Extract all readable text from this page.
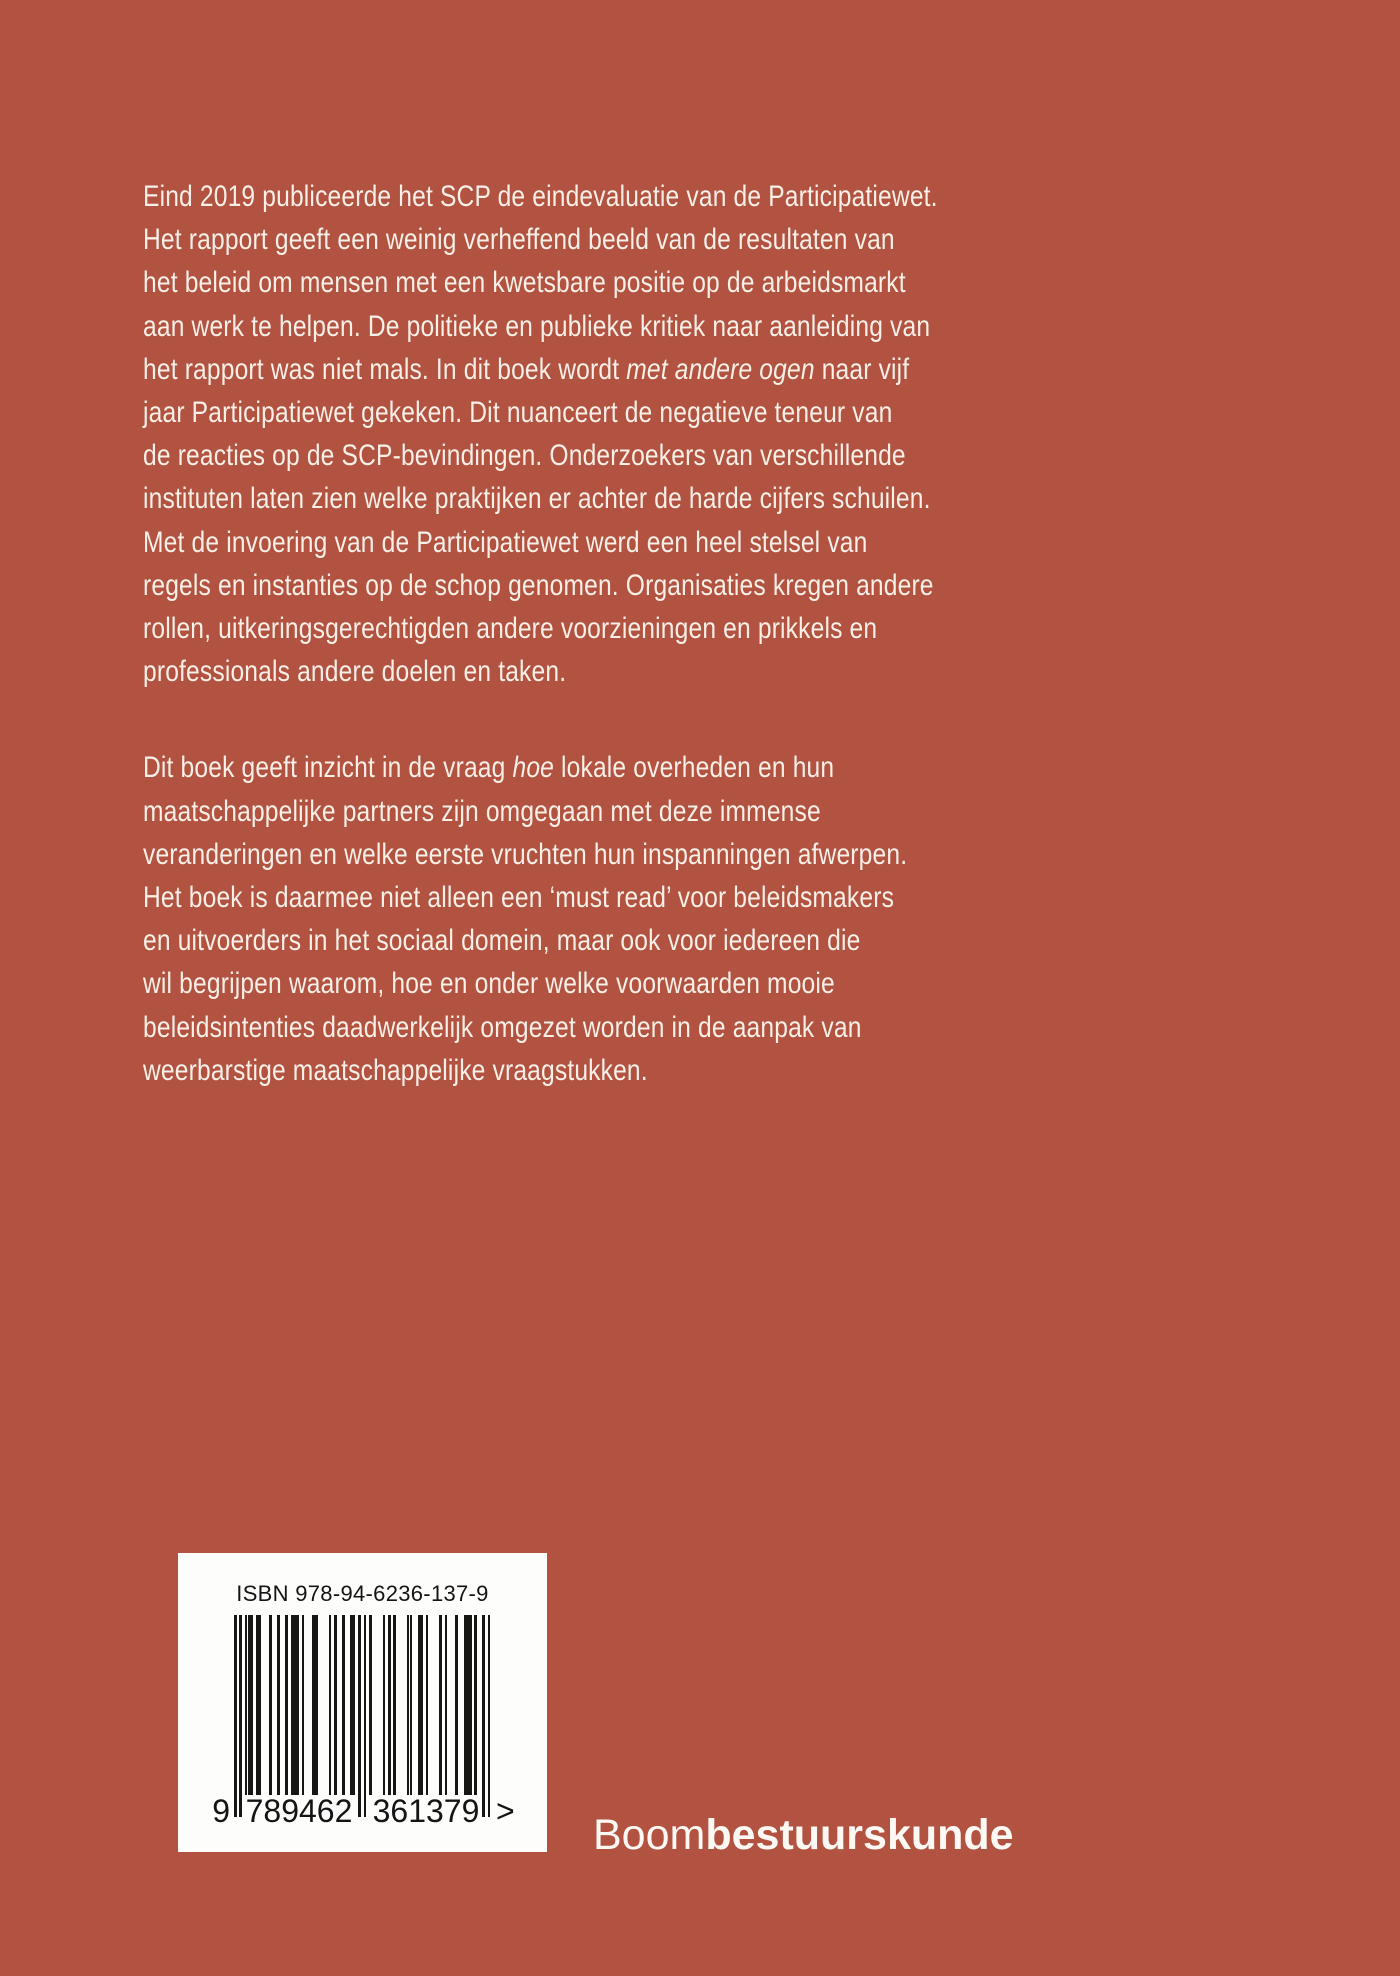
Eind 2019 publiceerde het SCP de eindevaluatie van de Participatiewet.
Het rapport geeft een weinig verheffend beeld van de resultaten van
het beleid om mensen met een kwetsbare positie op de arbeidsmarkt
aan werk te helpen. De politieke en publieke kritiek naar aanleiding van
het rapport was niet mals. In dit boek wordt met andere ogen naar vijf
jaar Participatiewet gekeken. Dit nuanceert de negatieve teneur van
de reacties op de SCP-bevindingen. Onderzoekers van verschillende
instituten laten zien welke praktijken er achter de harde cijfers schuilen.
Met de invoering van de Participatiewet werd een heel stelsel van
regels en instanties op de schop genomen. Organisaties kregen andere
rollen, uitkeringsgerechtigden andere voorzieningen en prikkels en
professionals andere doelen en taken.
Dit boek geeft inzicht in de vraag hoe lokale overheden en hun
maatschappelijke partners zijn omgegaan met deze immense
veranderingen en welke eerste vruchten hun inspanningen afwerpen.
Het boek is daarmee niet alleen een ‘must read’ voor beleidsmakers
en uitvoerders in het sociaal domein, maar ook voor iedereen die
wil begrijpen waarom, hoe en onder welke voorwaarden mooie
beleidsintenties daadwerkelijk omgezet worden in de aanpak van
weerbarstige maatschappelijke vraagstukken.
ISBN 978-94-6236-137-9
9 789462 361379 > Boombestuurskunde
